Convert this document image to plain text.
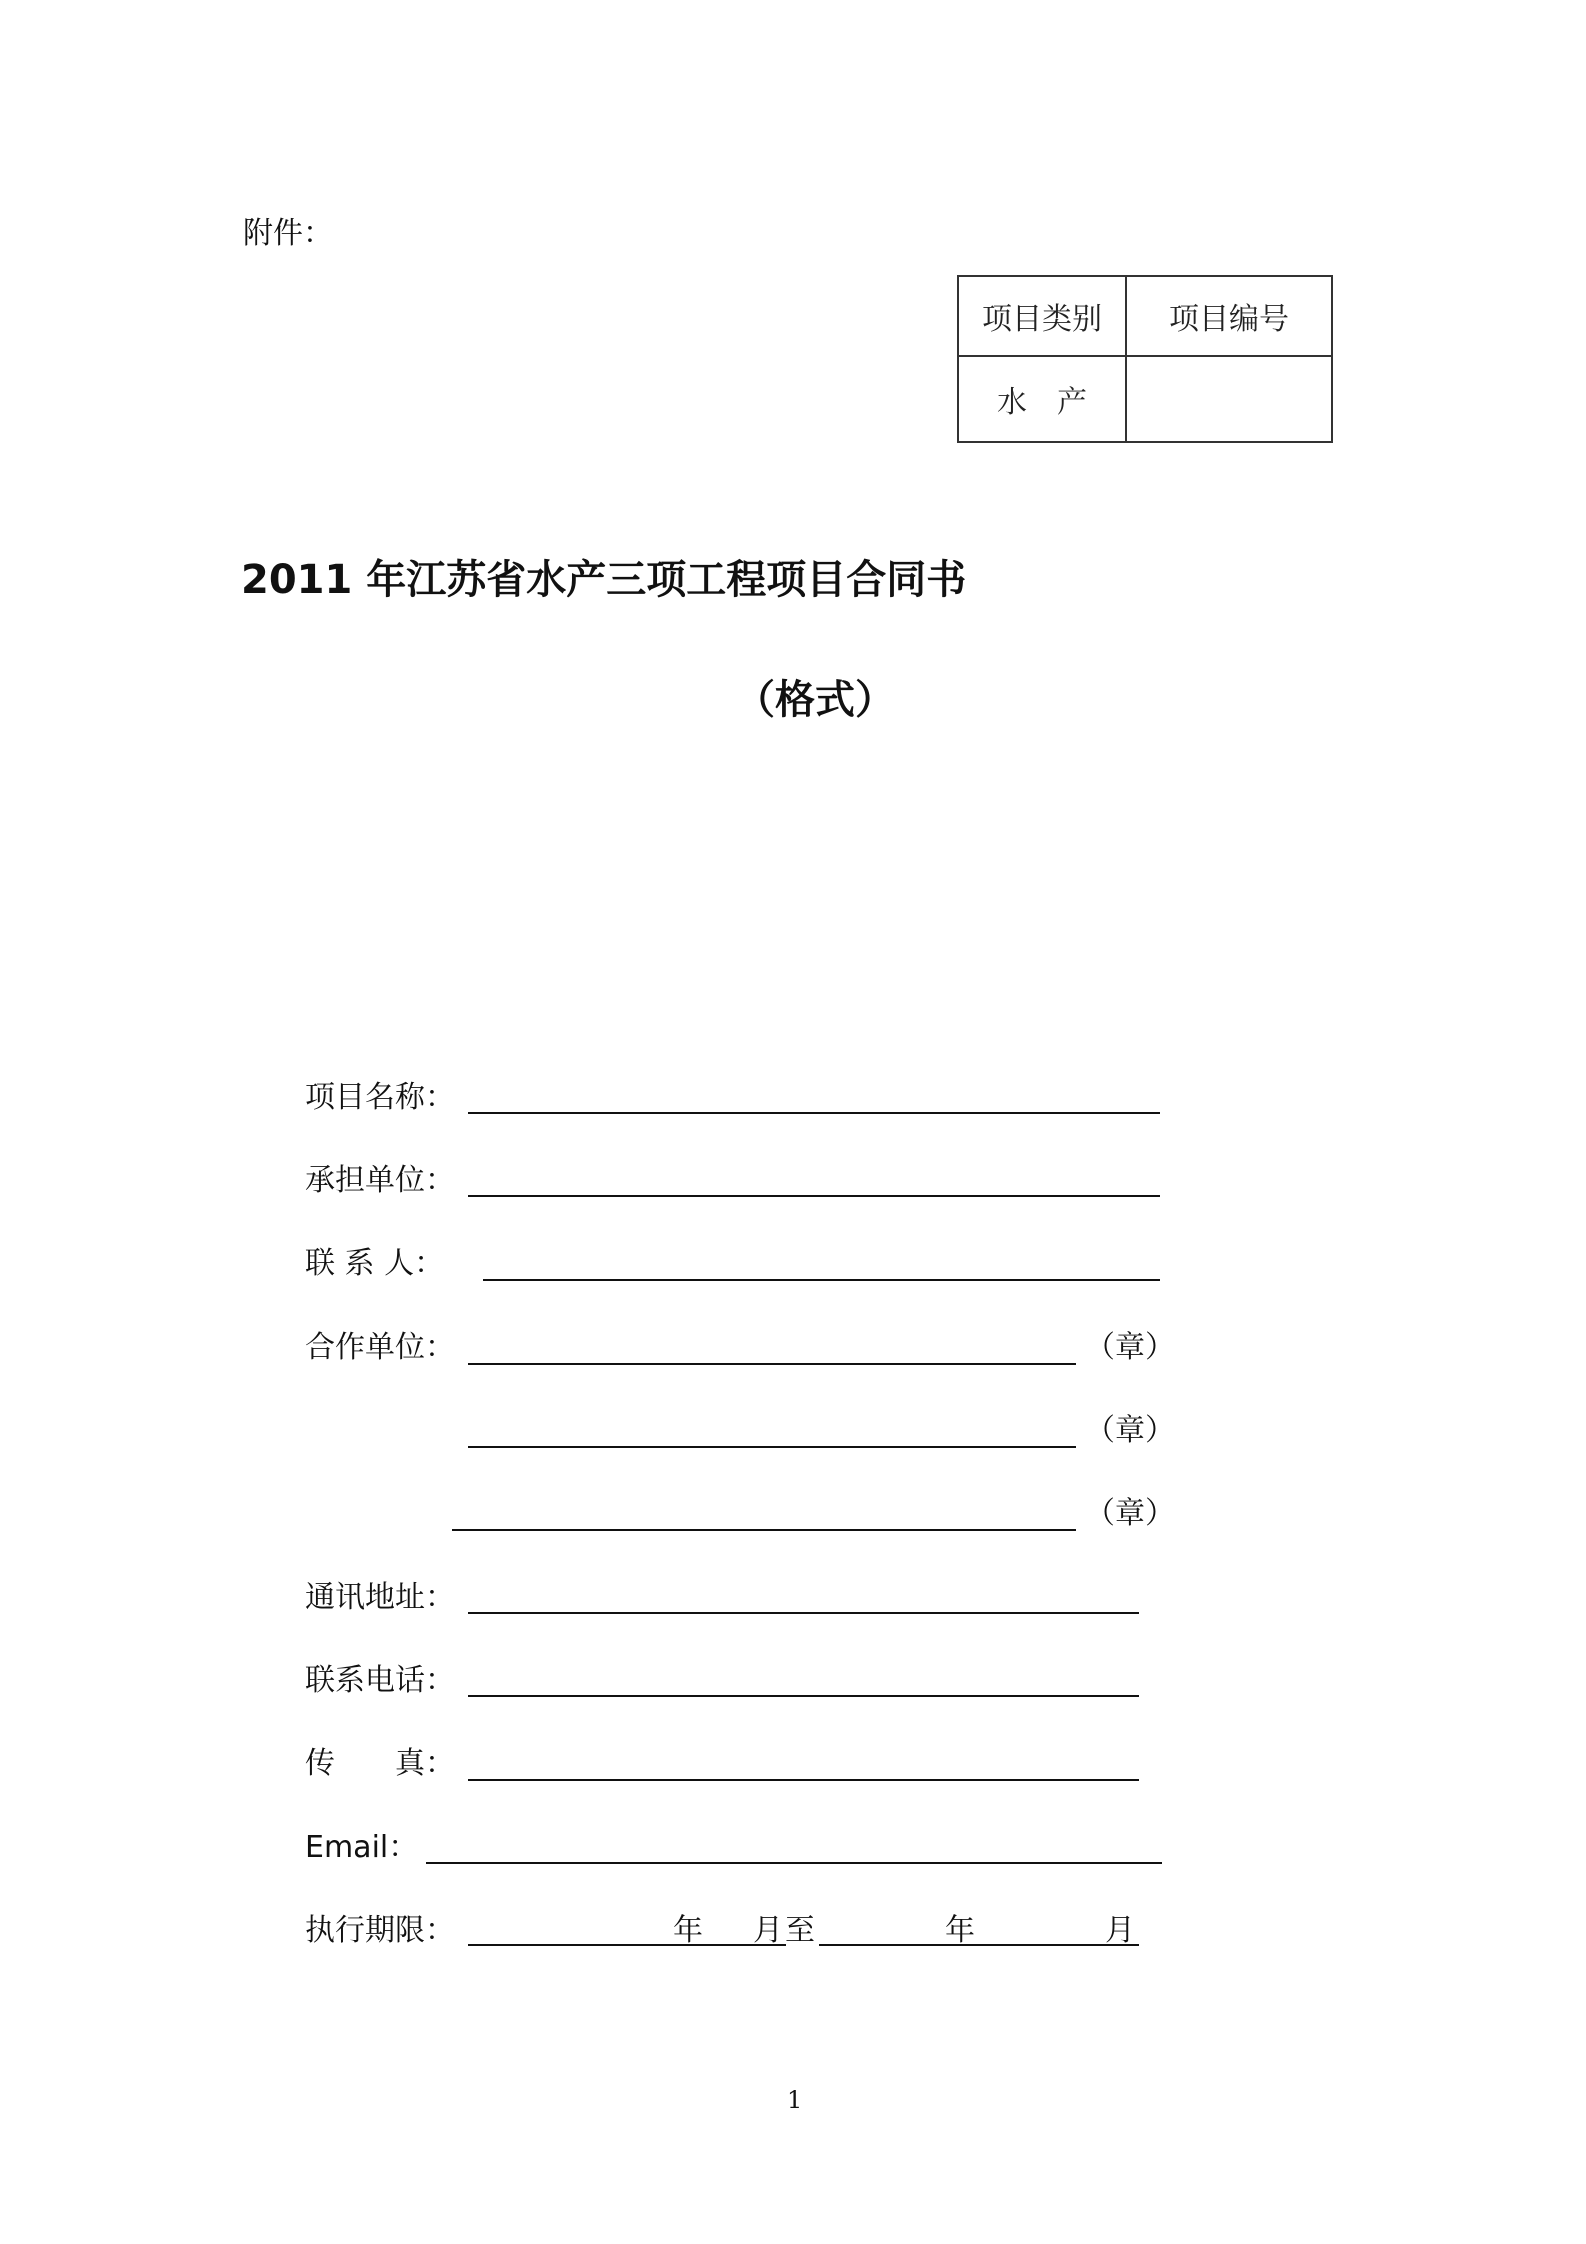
附件：
项目类别	项目编号
水　产	
2011 年江苏省水产三项工程项目合同书
（格式）
项目名称：
承担单位：
联 系 人：
合作单位：	（章）
（章）
（章）
通讯地址：
联系电话：
传　　真：
Email：
执行期限：	年 月 至	年	月
1
